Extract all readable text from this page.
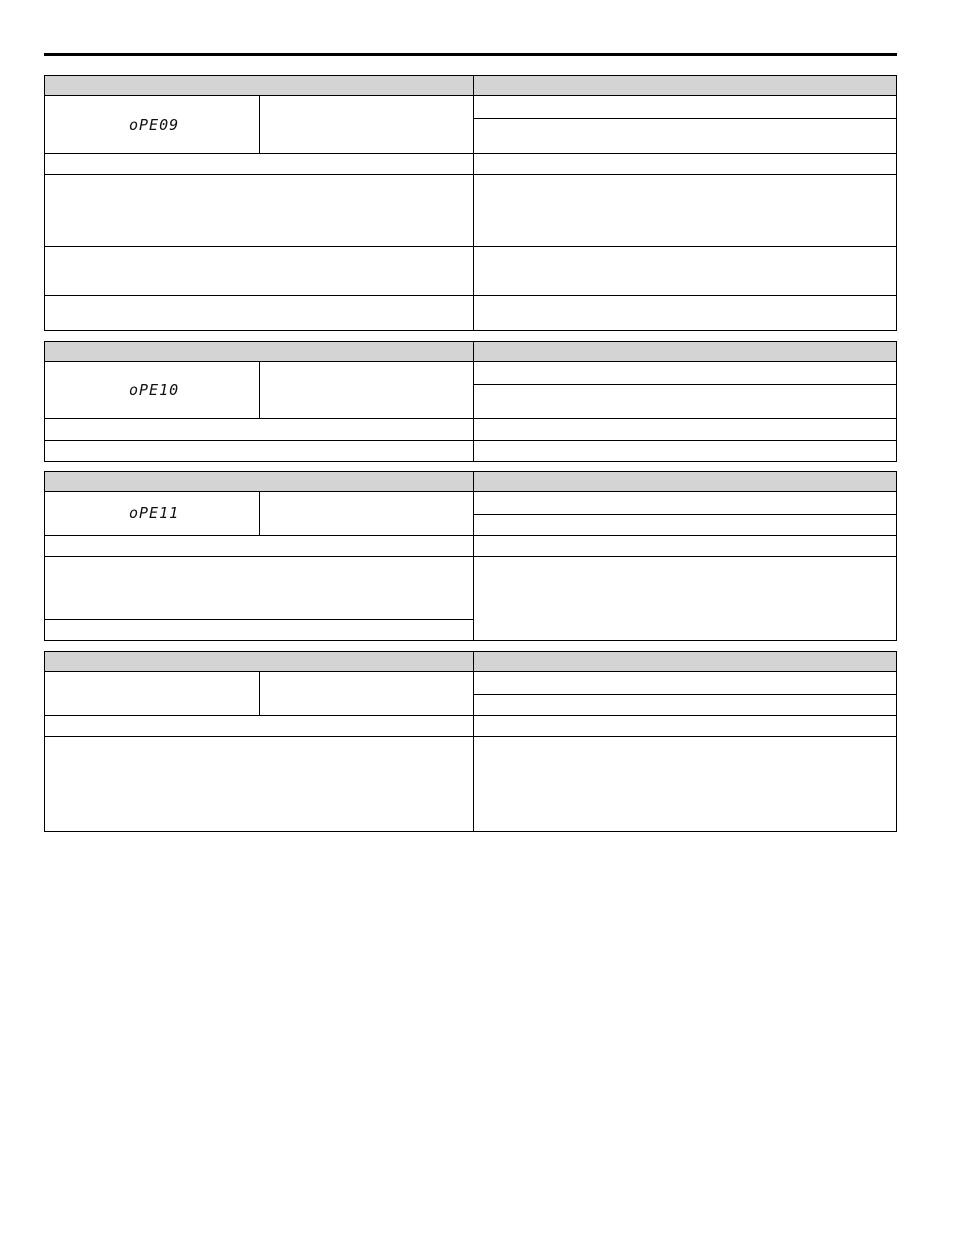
oPE09
oPE10
oPE11
